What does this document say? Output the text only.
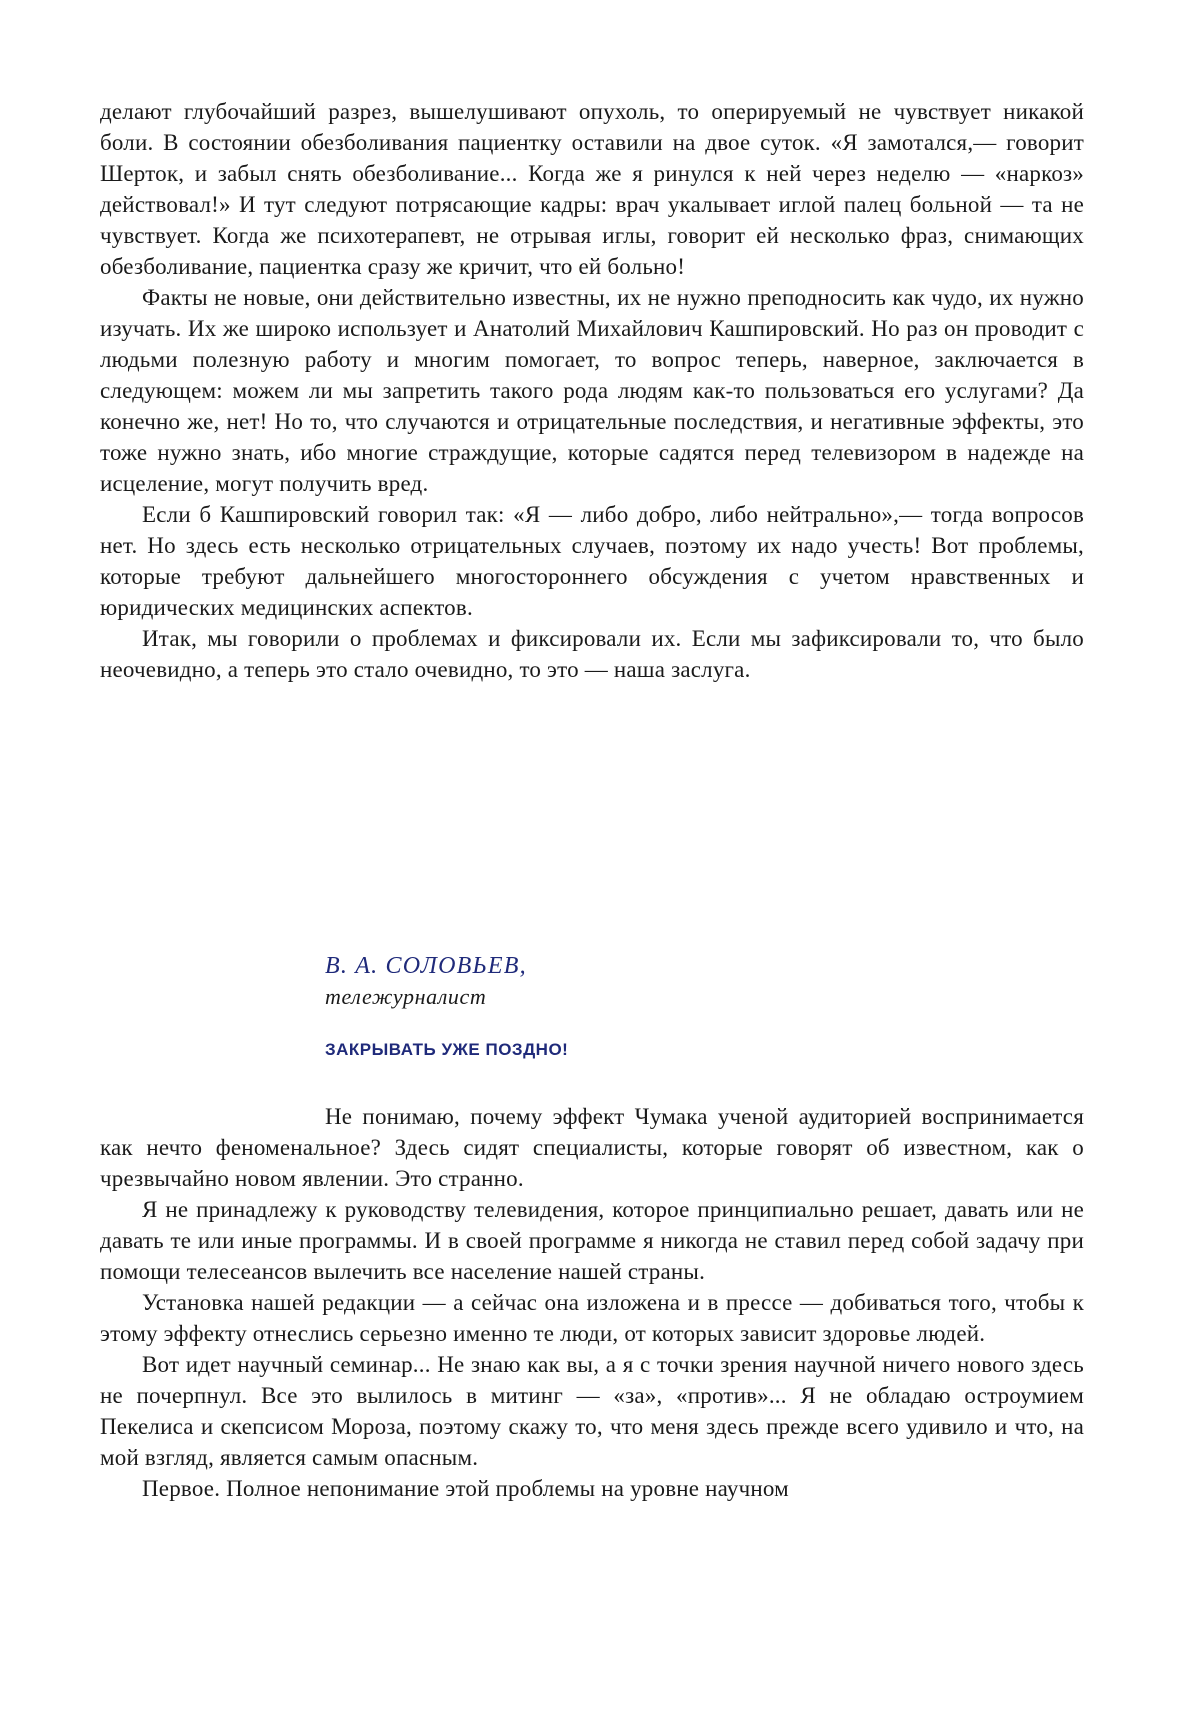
делают глубочайший разрез, вышелушивают опухоль, то оперируемый не чувствует никакой боли. В состоянии обезболивания пациентку оставили на двое суток. «Я замотался,— говорит Шерток, и забыл снять обезболивание... Когда же я ринулся к ней через неделю — «наркоз» действовал!» И тут следуют потрясающие кадры: врач укалывает иглой палец больной — та не чувствует. Когда же психотерапевт, не отрывая иглы, говорит ей несколько фраз, снимающих обезболивание, пациентка сразу же кричит, что ей больно!

Факты не новые, они действительно известны, их не нужно преподносить как чудо, их нужно изучать. Их же широко использует и Анатолий Михайлович Кашпировский. Но раз он проводит с людьми полезную работу и многим помогает, то вопрос теперь, наверное, заключается в следующем: можем ли мы запретить такого рода людям как-то пользоваться его услугами? Да конечно же, нет! Но то, что случаются и отрицательные последствия, и негативные эффекты, это тоже нужно знать, ибо многие страждущие, которые садятся перед телевизором в надежде на исцеление, могут получить вред.

Если б Кашпировский говорил так: «Я — либо добро, либо нейтрально»,— тогда вопросов нет. Но здесь есть несколько отрицательных случаев, поэтому их надо учесть! Вот проблемы, которые требуют дальнейшего многостороннего обсуждения с учетом нравственных и юридических медицинских аспектов.

Итак, мы говорили о проблемах и фиксировали их. Если мы зафиксировали то, что было неочевидно, а теперь это стало очевидно, то это — наша заслуга.

В. А. СОЛОВЬЕВ,
тележурналист
ЗАКРЫВАТЬ УЖЕ ПОЗДНО!

Не понимаю, почему эффект Чумака ученой аудиторией воспринимается как нечто феноменальное? Здесь сидят специалисты, которые говорят об известном, как о чрезвычайно новом явлении. Это странно.

Я не принадлежу к руководству телевидения, которое принципиально решает, давать или не давать те или иные программы. И в своей программе я никогда не ставил перед собой задачу при помощи телесеансов вылечить все население нашей страны.

Установка нашей редакции — а сейчас она изложена и в прессе — добиваться того, чтобы к этому эффекту отнеслись серьезно именно те люди, от которых зависит здоровье людей.

Вот идет научный семинар... Не знаю как вы, а я с точки зрения научной ничего нового здесь не почерпнул. Все это вылилось в митинг — «за», «против»... Я не обладаю остроумием Пекелиса и скепсисом Мороза, поэтому скажу то, что меня здесь прежде всего удивило и что, на мой взгляд, является самым опасным.

Первое. Полное непонимание этой проблемы на уровне научном
